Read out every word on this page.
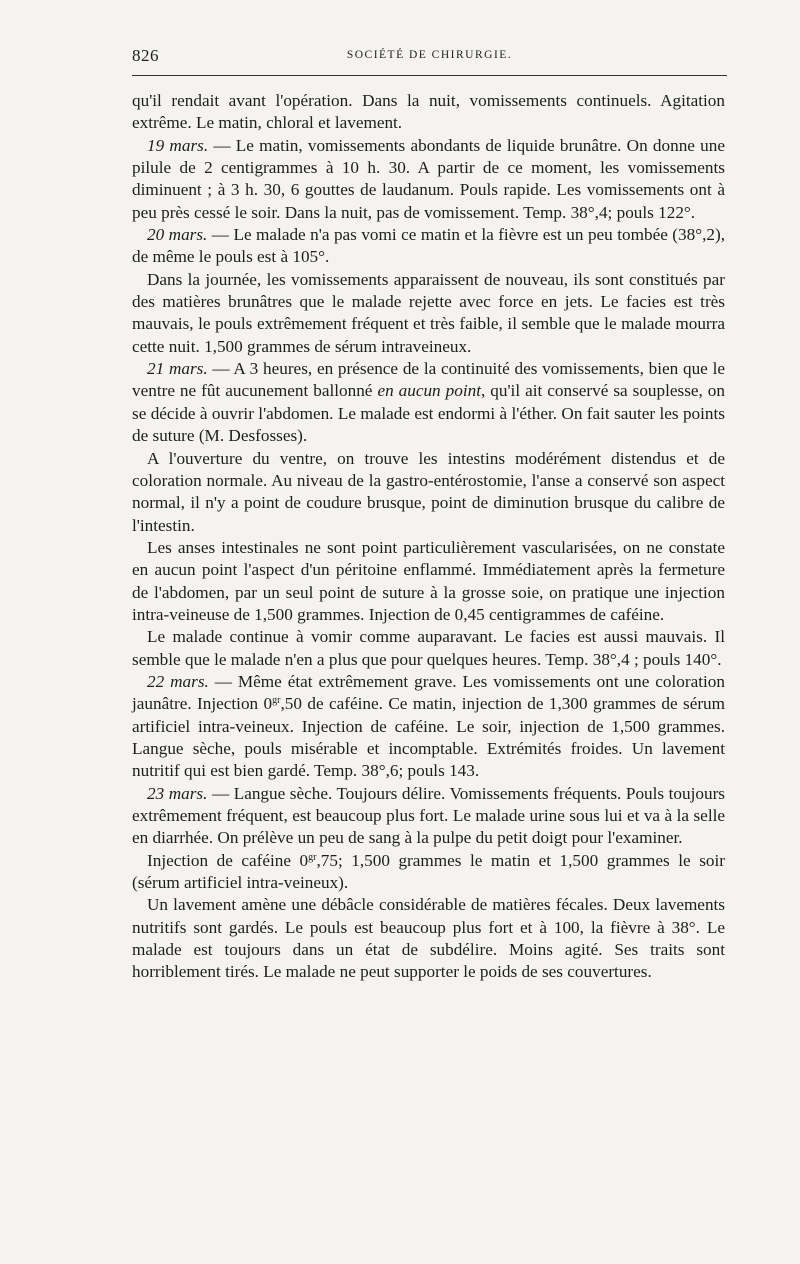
826	SOCIÉTÉ DE CHIRURGIE.

qu'il rendait avant l'opération. Dans la nuit, vomissements continuels. Agitation extrême. Le matin, chloral et lavement.

19 mars. — Le matin, vomissements abondants de liquide brunâtre. On donne une pilule de 2 centigrammes à 10 h. 30. A partir de ce moment, les vomissements diminuent ; à 3 h. 30, 6 gouttes de laudanum. Pouls rapide. Les vomissements ont à peu près cessé le soir. Dans la nuit, pas de vomissement. Temp. 38°,4; pouls 122°.

20 mars. — Le malade n'a pas vomi ce matin et la fièvre est un peu tombée (38°,2), de même le pouls est à 105°.

Dans la journée, les vomissements apparaissent de nouveau, ils sont constitués par des matières brunâtres que le malade rejette avec force en jets. Le facies est très mauvais, le pouls extrêmement fréquent et très faible, il semble que le malade mourra cette nuit. 1,500 grammes de sérum intraveineux.

21 mars. — A 3 heures, en présence de la continuité des vomissements, bien que le ventre ne fût aucunement ballonné en aucun point, qu'il ait conservé sa souplesse, on se décide à ouvrir l'abdomen. Le malade est endormi à l'éther. On fait sauter les points de suture (M. Desfosses).

A l'ouverture du ventre, on trouve les intestins modérément distendus et de coloration normale. Au niveau de la gastro-entérostomie, l'anse a conservé son aspect normal, il n'y a point de coudure brusque, point de diminution brusque du calibre de l'intestin.

Les anses intestinales ne sont point particulièrement vascularisées, on ne constate en aucun point l'aspect d'un péritoine enflammé. Immédiatement après la fermeture de l'abdomen, par un seul point de suture à la grosse soie, on pratique une injection intra-veineuse de 1,500 grammes. Injection de 0,45 centigrammes de caféine.

Le malade continue à vomir comme auparavant. Le facies est aussi mauvais. Il semble que le malade n'en a plus que pour quelques heures. Temp. 38°,4 ; pouls 140°.

22 mars. — Même état extrêmement grave. Les vomissements ont une coloration jaunâtre. Injection $0^{gr},50$ de caféine. Ce matin, injection de 1,300 grammes de sérum artificiel intra-veineux. Injection de caféine. Le soir, injection de 1,500 grammes. Langue sèche, pouls misérable et incomptable. Extrémités froides. Un lavement nutritif qui est bien gardé. Temp. 38°,6; pouls 143.

23 mars. — Langue sèche. Toujours délire. Vomissements fréquents. Pouls toujours extrêmement fréquent, est beaucoup plus fort. Le malade urine sous lui et va à la selle en diarrhée. On prélève un peu de sang à la pulpe du petit doigt pour l'examiner.

Injection de caféine $0^{gr},75$; 1,500 grammes le matin et 1,500 grammes le soir (sérum artificiel intra-veineux).

Un lavement amène une débâcle considérable de matières fécales. Deux lavements nutritifs sont gardés. Le pouls est beaucoup plus fort et à 100, la fièvre à 38°. Le malade est toujours dans un état de subdélire. Moins agité. Ses traits sont horriblement tirés. Le malade ne peut supporter le poids de ses couvertures.
